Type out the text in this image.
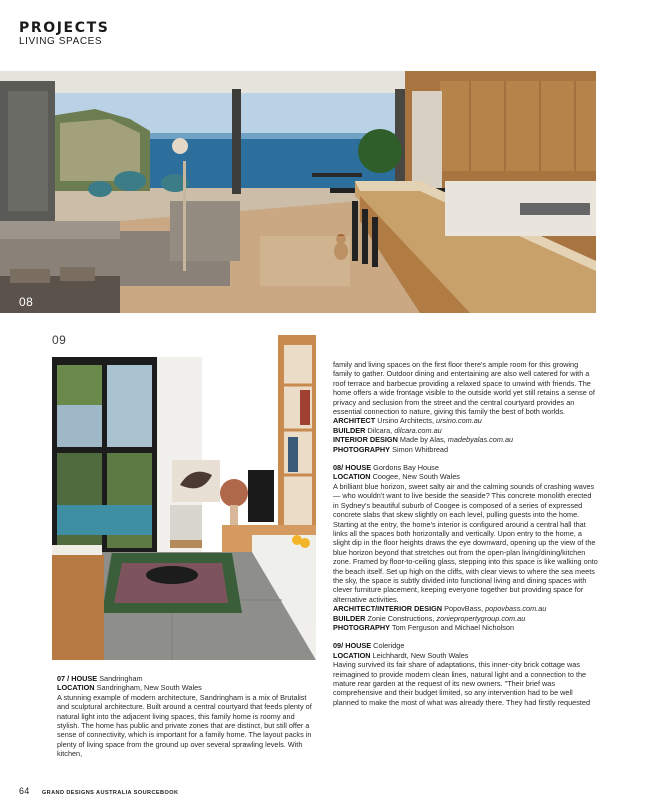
PROJECTS
LIVING SPACES
08
09

07 / HOUSE Sandringham

LOCATION Sandringham, New South Wales

A stunning example of modern architecture, Sandringham is a mix of Brutalist and sculptural architecture. Built around a central courtyard that feeds plenty of natural light into the adjacent living spaces, this family home is roomy and stylish. The home has public and private zones that are distinct, but still offer a sense of connectivity, which is important for a family home. The layout packs in plenty of living space from the ground up over several sprawling levels. With kitchen,

family and living spaces on the first floor there's ample room for this growing family to gather. Outdoor dining and entertaining are also well catered for with a roof terrace and barbecue providing a relaxed space to unwind with friends. The home offers a wide frontage visible to the outside world yet still retains a sense of privacy and seclusion from the street and the central courtyard provides an essential connection to nature, giving this family the best of both worlds.

ARCHITECT Ursino Architects, ursino.com.au

BUILDER Dilcara, dilcara.com.au

INTERIOR DESIGN Made by Alas, madebyalas.com.au

PHOTOGRAPHY Simon Whitbread

08/ HOUSE Gordons Bay House

LOCATION Coogee, New South Wales

A brilliant blue horizon, sweet salty air and the calming sounds of crashing waves — who wouldn't want to live beside the seaside? This concrete monolith erected in Sydney's beautiful suburb of Coogee is composed of a series of expressed concrete slabs that skew slightly on each level, pulling guests into the home. Starting at the entry, the home's interior is configured around a central hall that links all the spaces both horizontally and vertically. Upon entry to the home, a slight dip in the floor heights draws the eye downward, opening up the view of the blue horizon beyond that stretches out from the open-plan living/dining/kitchen zone. Framed by floor-to-ceiling glass, stepping into this space is like walking onto the beach itself. Set up high on the cliffs, with clear views to where the sea meets the sky, the space is subtly divided into functional living and dining spaces with clever furniture placement, keeping everyone together but providing space for alternative activities.

ARCHITECT/INTERIOR DESIGN PopovBass, popovbass.com.au

BUILDER Zonie Constructions, zoniepropertygroup.com.au

PHOTOGRAPHY Tom Ferguson and Michael Nicholson

09/ HOUSE Coleridge

LOCATION Leichhardt, New South Wales

Having survived its fair share of adaptations, this inner-city brick cottage was reimagined to provide modern clean lines, natural light and a connection to the mature rear garden at the request of its new owners. "Their brief was comprehensive and their budget limited, so any intervention had to be well planned to make the most of what was already there. They had firstly requested

64 GRAND DESIGNS AUSTRALIA SOURCEBOOK
